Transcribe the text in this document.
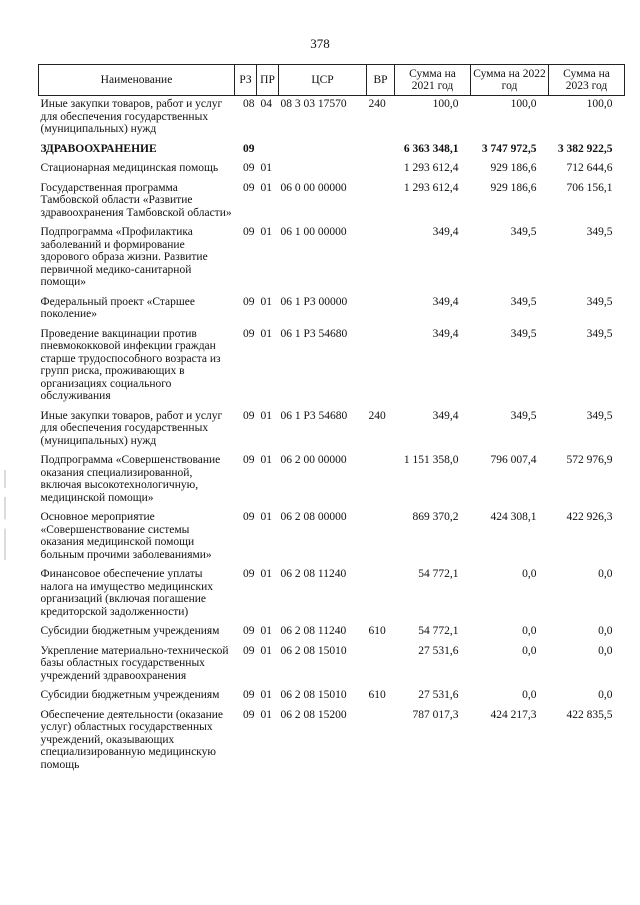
378
Наименование	РЗ	ПР	ЦСР	ВР	Сумма на 2021 год	Сумма на 2022 год	Сумма на 2023 год
Иные закупки товаров, работ и услуг для обеспечения государственных (муниципальных) нужд	08	04	08 3 03 17570	240	100,0	100,0	100,0
ЗДРАВООХРАНЕНИЕ	09				6 363 348,1	3 747 972,5	3 382 922,5
Стационарная медицинская помощь	09	01			1 293 612,4	929 186,6	712 644,6
Государственная программа Тамбовской области «Развитие здравоохранения Тамбовской области»	09	01	06 0 00 00000		1 293 612,4	929 186,6	706 156,1
Подпрограмма «Профилактика заболеваний и формирование здорового образа жизни. Развитие первичной медико-санитарной помощи»	09	01	06 1 00 00000		349,4	349,5	349,5
Федеральный проект «Старшее поколение»	09	01	06 1 P3 00000		349,4	349,5	349,5
Проведение вакцинации против пневмококковой инфекции граждан старше трудоспособного возраста из групп риска, проживающих в организациях социального обслуживания	09	01	06 1 P3 54680		349,4	349,5	349,5
Иные закупки товаров, работ и услуг для обеспечения государственных (муниципальных) нужд	09	01	06 1 P3 54680	240	349,4	349,5	349,5
Подпрограмма «Совершенствование оказания специализированной, включая высокотехнологичную, медицинской помощи»	09	01	06 2 00 00000		1 151 358,0	796 007,4	572 976,9
Основное мероприятие «Совершенствование системы оказания медицинской помощи больным прочими заболеваниями»	09	01	06 2 08 00000		869 370,2	424 308,1	422 926,3
Финансовое обеспечение уплаты налога на имущество медицинских организаций (включая погашение кредиторской задолженности)	09	01	06 2 08 11240		54 772,1	0,0	0,0
Субсидии бюджетным учреждениям	09	01	06 2 08 11240	610	54 772,1	0,0	0,0
Укрепление материально-технической базы областных государственных учреждений здравоохранения	09	01	06 2 08 15010		27 531,6	0,0	0,0
Субсидии бюджетным учреждениям	09	01	06 2 08 15010	610	27 531,6	0,0	0,0
Обеспечение деятельности (оказание услуг) областных государственных учреждений, оказывающих специализированную медицинскую помощь	09	01	06 2 08 15200		787 017,3	424 217,3	422 835,5
